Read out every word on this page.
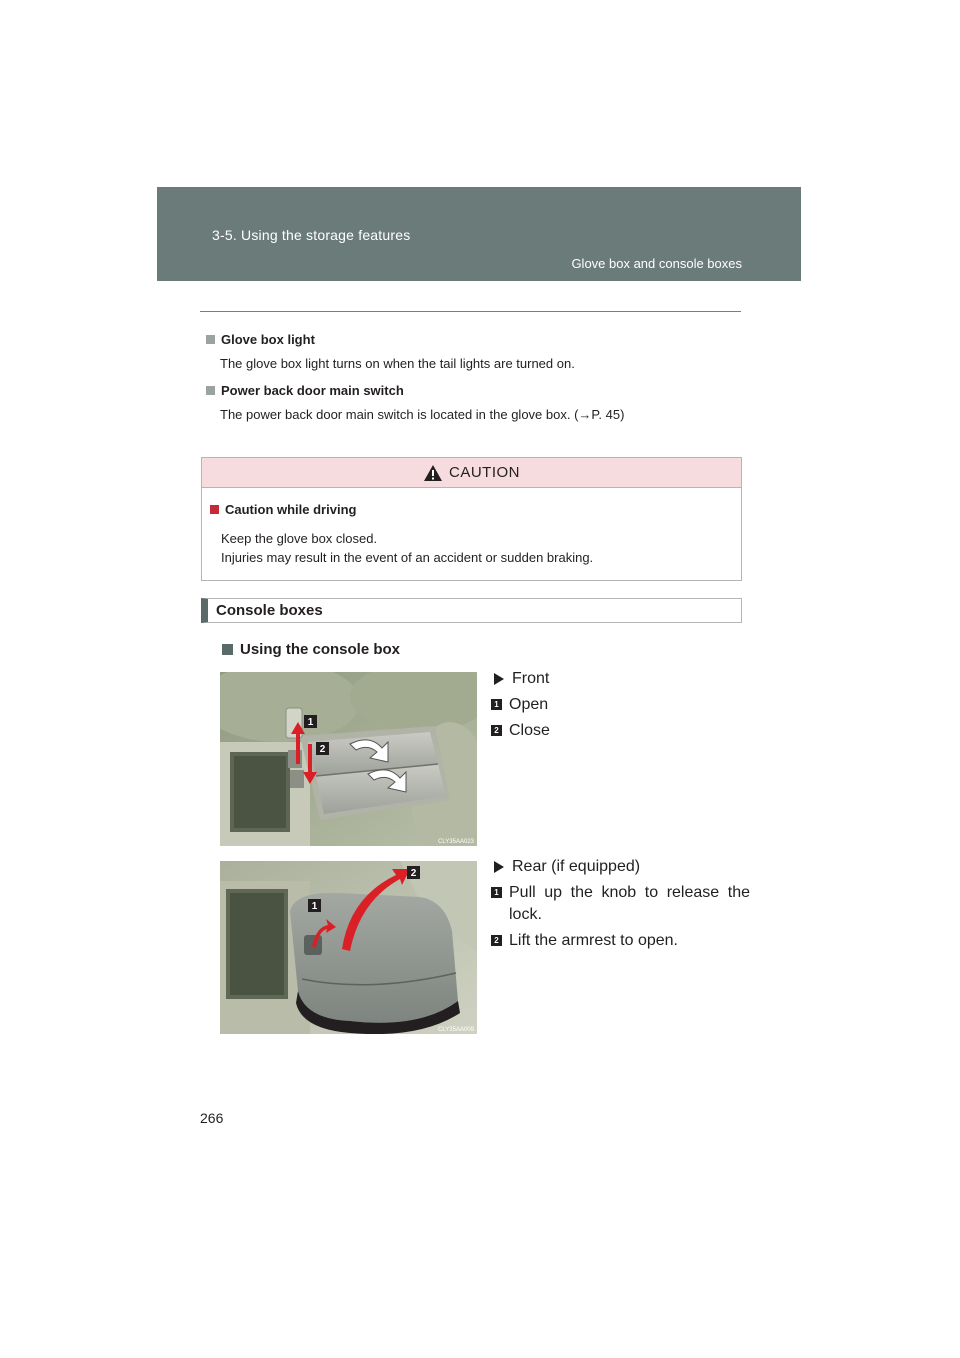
3-5. Using the storage features
Glove box and console boxes
Glove box light
The glove box light turns on when the tail lights are turned on.
Power back door main switch
The power back door main switch is located in the glove box. (→P. 45)
CAUTION
Caution while driving
Keep the glove box closed.
Injuries may result in the event of an accident or sudden braking.
Console boxes
Using the console box
1
2
CLY35AA023
Front
1 Open
2 Close
1
2
CLY35AA009
Rear (if equipped)
1 Pull up the knob to release the lock.
2 Lift the armrest to open.
266
